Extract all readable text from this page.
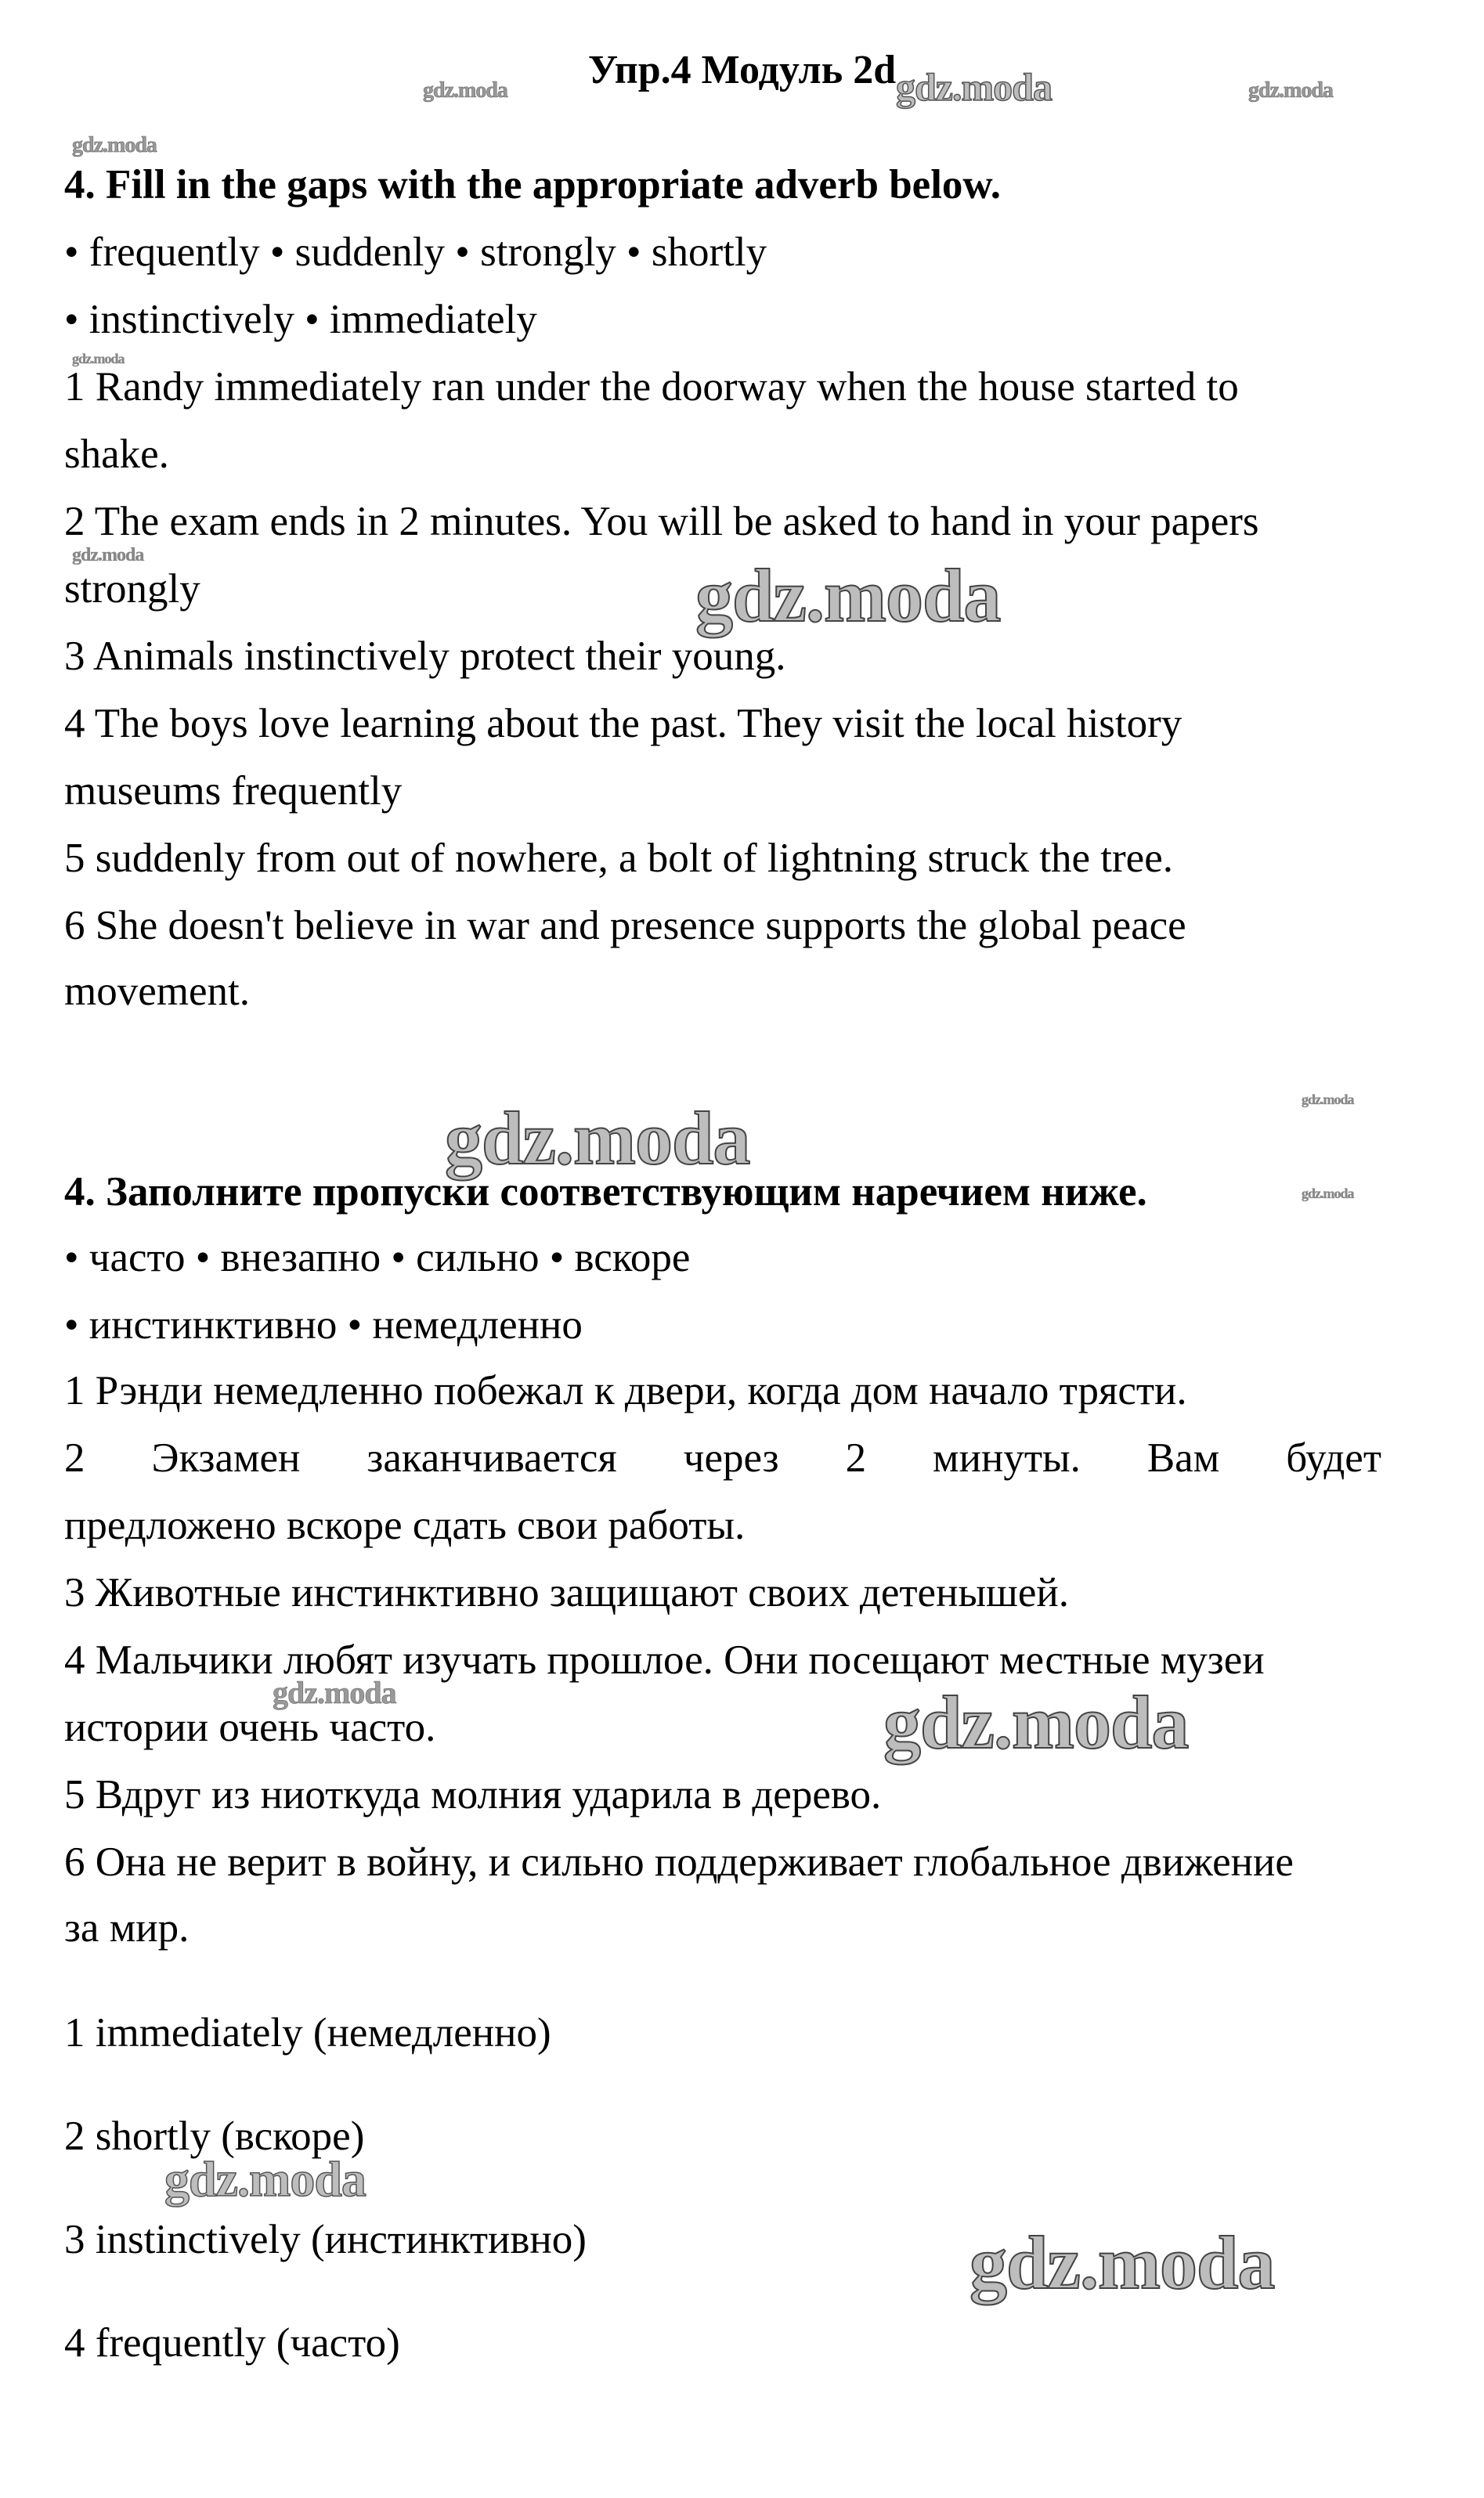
gdz.moda	gdz.moda	gdz.moda
gdz.moda
gdz.moda
gdz.moda	gdz.moda
gdz.moda
gdz.moda
gdz.moda
gdz.moda	gdz.moda
gdz.moda
gdz.moda
Упр.4 Модуль 2d
4. Fill in the gaps with the appropriate adverb below.
• frequently • suddenly • strongly • shortly
• instinctively • immediately
1 Randy immediately ran under the doorway when the house started to
shake.
2 The exam ends in 2 minutes. You will be asked to hand in your papers
strongly
3 Animals instinctively protect their young.
4 The boys love learning about the past. They visit the local history
museums frequently
5 suddenly from out of nowhere, a bolt of lightning struck the tree.
6 She doesn't believe in war and presence supports the global peace
movement.
4. Заполните пропуски соответствующим наречием ниже.
• часто • внезапно • сильно • вскоре
• инстинктивно • немедленно
1 Рэнди немедленно побежал к двери, когда дом начало трясти.
2 Экзамен заканчивается через 2 минуты. Вам будет
предложено вскоре сдать свои работы.
3 Животные инстинктивно защищают своих детенышей.
4 Мальчики любят изучать прошлое. Они посещают местные музеи
истории очень часто.
5 Вдруг из ниоткуда молния ударила в дерево.
6 Она не верит в войну, и сильно поддерживает глобальное движение
за мир.
1 immediately (немедленно)
2 shortly (вскоре)
3 instinctively (инстинктивно)
4 frequently (часто)
